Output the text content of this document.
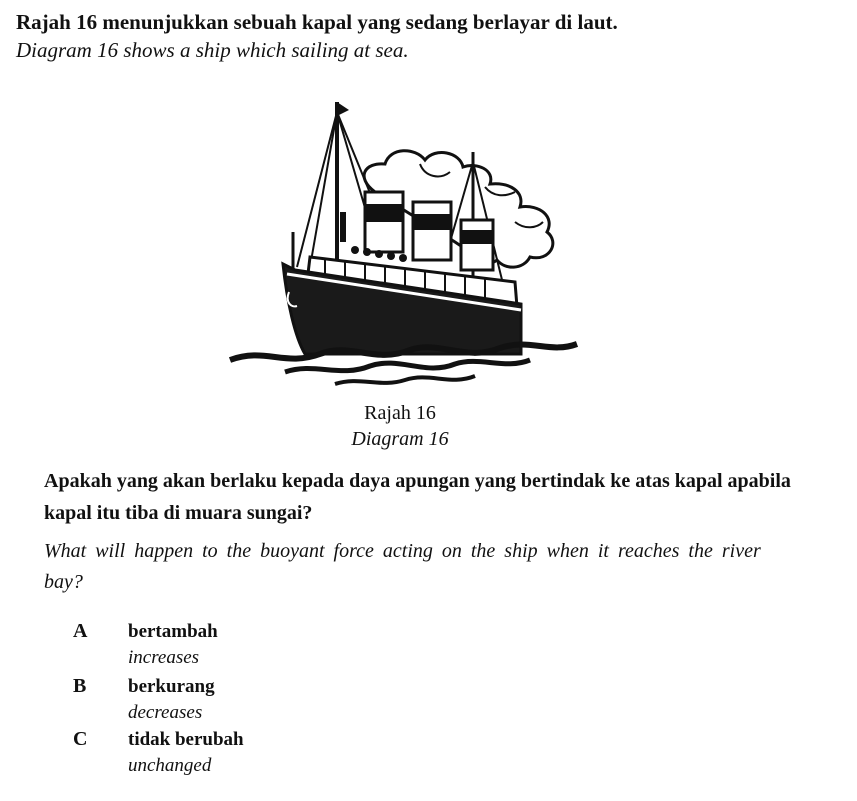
Rajah 16 menunjukkan sebuah kapal yang sedang berlayar di laut.
Diagram 16 shows a ship which sailing at sea.
Rajah 16
Diagram 16
Apakah yang akan berlaku kepada daya apungan yang bertindak ke atas kapal apabila
kapal itu tiba di muara sungai?
What will happen to the buoyant force acting on the ship when it reaches the river
bay?
A bertambah
increases
B berkurang
decreases
C tidak berubah
unchanged
